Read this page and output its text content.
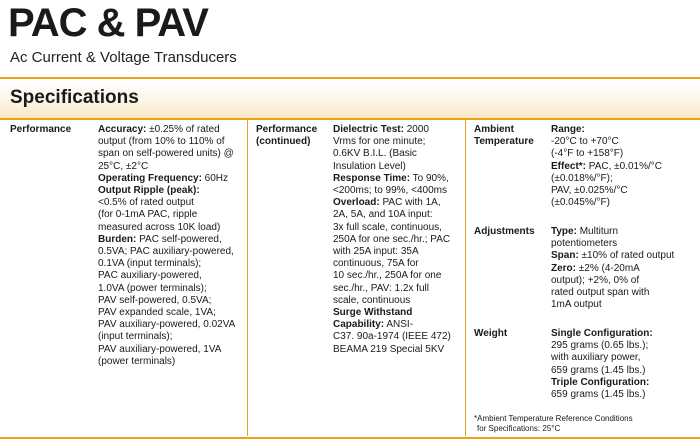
PAC & PAV
Ac Current & Voltage Transducers
Specifications
Performance	Accuracy: ±0.25% of rated
output (from 10% to 110% of
span on self-powered units) @
25°C, ±2°C
Operating Frequency: 60Hz
Output Ripple (peak):
<0.5% of rated output
(for 0-1mA PAC, ripple
measured across 10K load)
Burden: PAC self-powered,
0.5VA; PAC auxiliary-powered,
0.1VA (input terminals);
PAC auxiliary-powered,
1.0VA (power terminals);
PAV self-powered, 0.5VA;
PAV expanded scale, 1VA;
PAV auxiliary-powered, 0.02VA
(input terminals);
PAV auxiliary-powered, 1VA
(power terminals)
Performance
(continued)
Dielectric Test: 2000
Vrms for one minute;
0.6KV B.I.L. (Basic
Insulation Level)
Response Time: To 90%,
<200ms; to 99%, <400ms
Overload: PAC with 1A,
2A, 5A, and 10A input:
3x full scale, continuous,
250A for one sec./hr.; PAC
with 25A input: 35A
continuous, 75A for
10 sec./hr., 250A for one
sec./hr., PAV: 1.2x full
scale, continuous
Surge Withstand
Capability: ANSI-
C37. 90a-1974 (IEEE 472)
BEAMA 219 Special 5KV
Ambient
Temperature
Range:
-20°C to +70°C
(-4°F to +158°F)
Effect*: PAC, ±0.01%/°C
(±0.018%/°F);
PAV, ±0.025%/°C
(±0.045%/°F)
Adjustments Type: Multiturn
potentiometers
Span: ±10% of rated output
Zero: ±2% (4-20mA
output); +2%, 0% of
rated output span with
1mA output
Weight	Single Configuration:
295 grams (0.65 lbs.);
with auxiliary power,
659 grams (1.45 lbs.)
Triple Configuration:
659 grams (1.45 lbs.)
*Ambient Temperature Reference Conditions
for Specifications: 25°C
